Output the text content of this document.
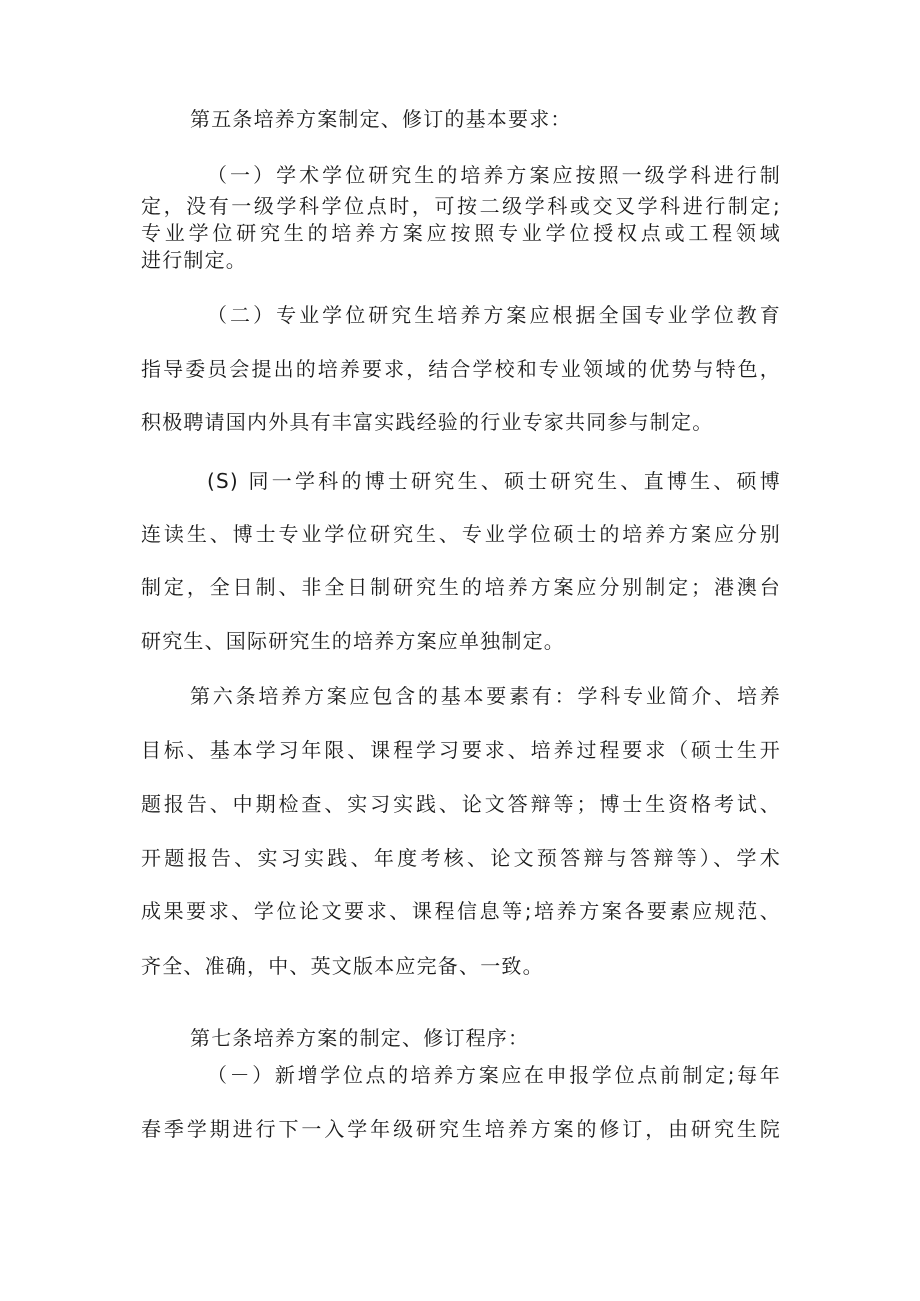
第五条培养方案制定、修订的基本要求：
（一）学术学位研究生的培养方案应按照一级学科进行制
定，没有一级学科学位点时，可按二级学科或交叉学科进行制定;
专业学位研究生的培养方案应按照专业学位授权点或工程领域
进行制定。
（二）专业学位研究生培养方案应根据全国专业学位教育
指导委员会提出的培养要求，结合学校和专业领域的优势与特色，
积极聘请国内外具有丰富实践经验的行业专家共同参与制定。
(S) 同一学科的博士研究生、硕士研究生、直博生、硕博
连读生、博士专业学位研究生、专业学位硕士的培养方案应分别
制定，全日制、非全日制研究生的培养方案应分别制定；港澳台
研究生、国际研究生的培养方案应单独制定。
第六条培养方案应包含的基本要素有：学科专业简介、培养
目标、基本学习年限、课程学习要求、培养过程要求（硕士生开
题报告、中期检查、实习实践、论文答辩等；博士生资格考试、
开题报告、实习实践、年度考核、论文预答辩与答辩等）、学术
成果要求、学位论文要求、课程信息等;培养方案各要素应规范、
齐全、准确，中、英文版本应完备、一致。
第七条培养方案的制定、修订程序：
（－）新增学位点的培养方案应在申报学位点前制定;每年
春季学期进行下一入学年级研究生培养方案的修订，由研究生院
